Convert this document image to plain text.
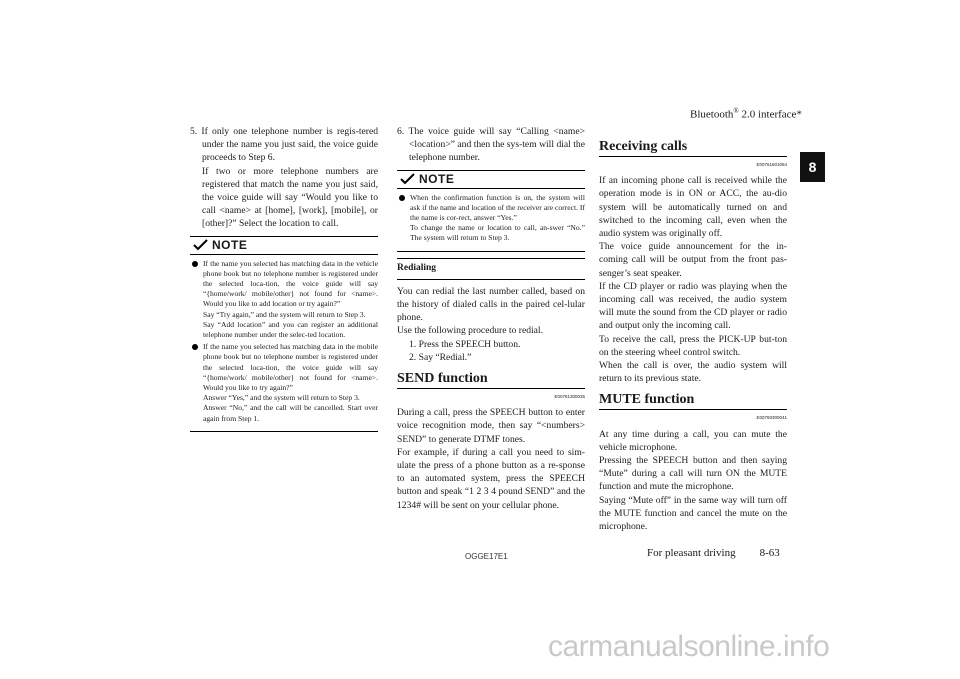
Bluetooth® 2.0 interface*
8

5. If only one telephone number is regis-tered under the name you just said, the voice guide proceeds to Step 6.

If two or more telephone numbers are registered that match the name you just said, the voice guide will say “Would you like to call <name> at [home], [work], [mobile], or [other]?” Select the location to call.

NOTE
If the name you selected has matching data in the vehicle phone book but no telephone number is registered under the selected loca-tion, the voice guide will say “{home/work/ mobile/other} not found for <name>. Would you like to add location or try again?”
Say “Try again,” and the system will return to Step 3.
Say “Add location” and you can register an additional telephone number under the selec-ted location.
If the name you selected has matching data in the mobile phone book but no telephone number is registered under the selected loca-tion, the voice guide will say “{home/work/ mobile/other} not found for <name>. Would you like to try again?”
Answer “Yes,” and the system will return to Step 3.
Answer “No,” and the call will be cancelled. Start over again from Step 1.

6. The voice guide will say “Calling <name> <location>” and then the sys-tem will dial the telephone number.

NOTE
When the confirmation function is on, the system will ask if the name and location of the receiver are correct. If the name is cor-rect, answer “Yes.”
To change the name or location to call, an-swer “No.” The system will return to Step 3.
Redialing

You can redial the last number called, based on the history of dialed calls in the paired cel-lular phone.

Use the following procedure to redial.

1. Press the SPEECH button.

2. Say “Redial.”

SEND function
E00761300035

During a call, press the SPEECH button to enter voice recognition mode, then say “<numbers> SEND” to generate DTMF tones.

For example, if during a call you need to sim-ulate the press of a phone button as a re-sponse to an automated system, press the SPEECH button and speak “1 2 3 4 pound SEND” and the 1234# will be sent on your cellular phone.

Receiving calls
E00761601064

If an incoming phone call is received while the operation mode is in ON or ACC, the au-dio system will be automatically turned on and switched to the incoming call, even when the audio system was originally off.

The voice guide announcement for the in-coming call will be output from the front pas-senger’s seat speaker.

If the CD player or radio was playing when the incoming call was received, the audio system will mute the sound from the CD player or radio and output only the incoming call.

To receive the call, press the PICK-UP but-ton on the steering wheel control switch.

When the call is over, the audio system will return to its previous state.

MUTE function
E00760300041

At any time during a call, you can mute the vehicle microphone.

Pressing the SPEECH button and then saying “Mute” during a call will turn ON the MUTE function and mute the microphone.

Saying “Mute off” in the same way will turn off the MUTE function and cancel the mute on the microphone.

OGGE17E1	For pleasant driving 8-63
carmanualsonline.info
